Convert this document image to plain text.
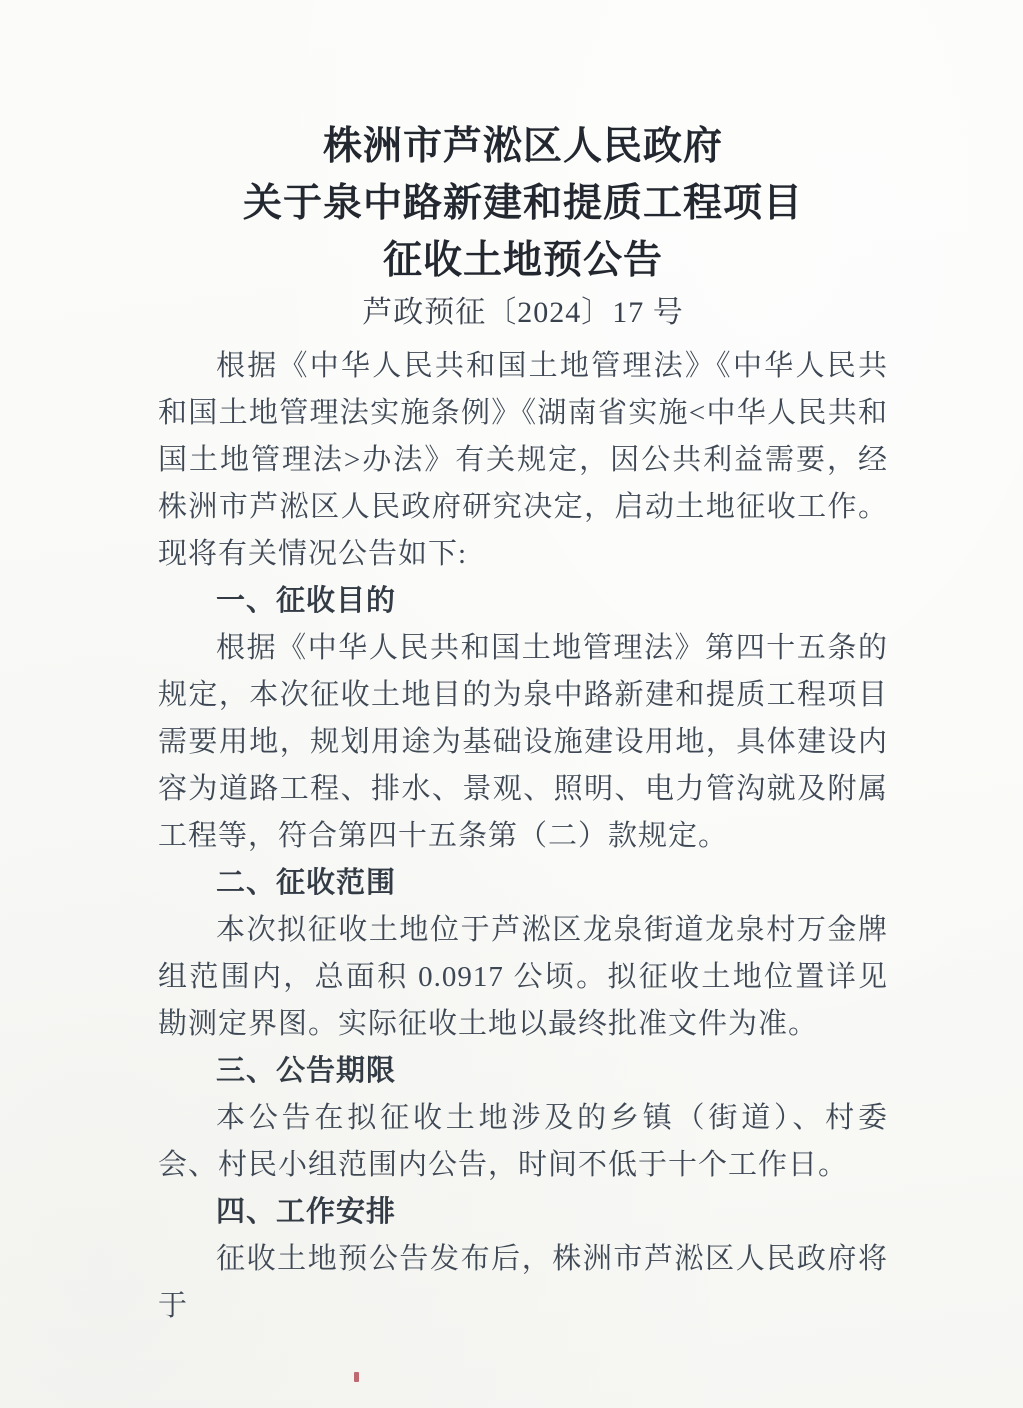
株洲市芦淞区人民政府
关于泉中路新建和提质工程项目
征收土地预公告
芦政预征〔2024〕17 号

根据《中华人民共和国土地管理法》《中华人民共和国土地管理法实施条例》《湖南省实施<中华人民共和国土地管理法>办法》有关规定，因公共利益需要，经株洲市芦淞区人民政府研究决定，启动土地征收工作。现将有关情况公告如下:

一、征收目的

根据《中华人民共和国土地管理法》第四十五条的规定，本次征收土地目的为泉中路新建和提质工程项目需要用地，规划用途为基础设施建设用地，具体建设内容为道路工程、排水、景观、照明、电力管沟就及附属工程等，符合第四十五条第（二）款规定。

二、征收范围

本次拟征收土地位于芦淞区龙泉街道龙泉村万金牌组范围内，总面积 0.0917 公顷。拟征收土地位置详见勘测定界图。实际征收土地以最终批准文件为准。

三、公告期限

本公告在拟征收土地涉及的乡镇（街道）、村委会、村民小组范围内公告，时间不低于十个工作日。

四、工作安排

征收土地预公告发布后，株洲市芦淞区人民政府将于
